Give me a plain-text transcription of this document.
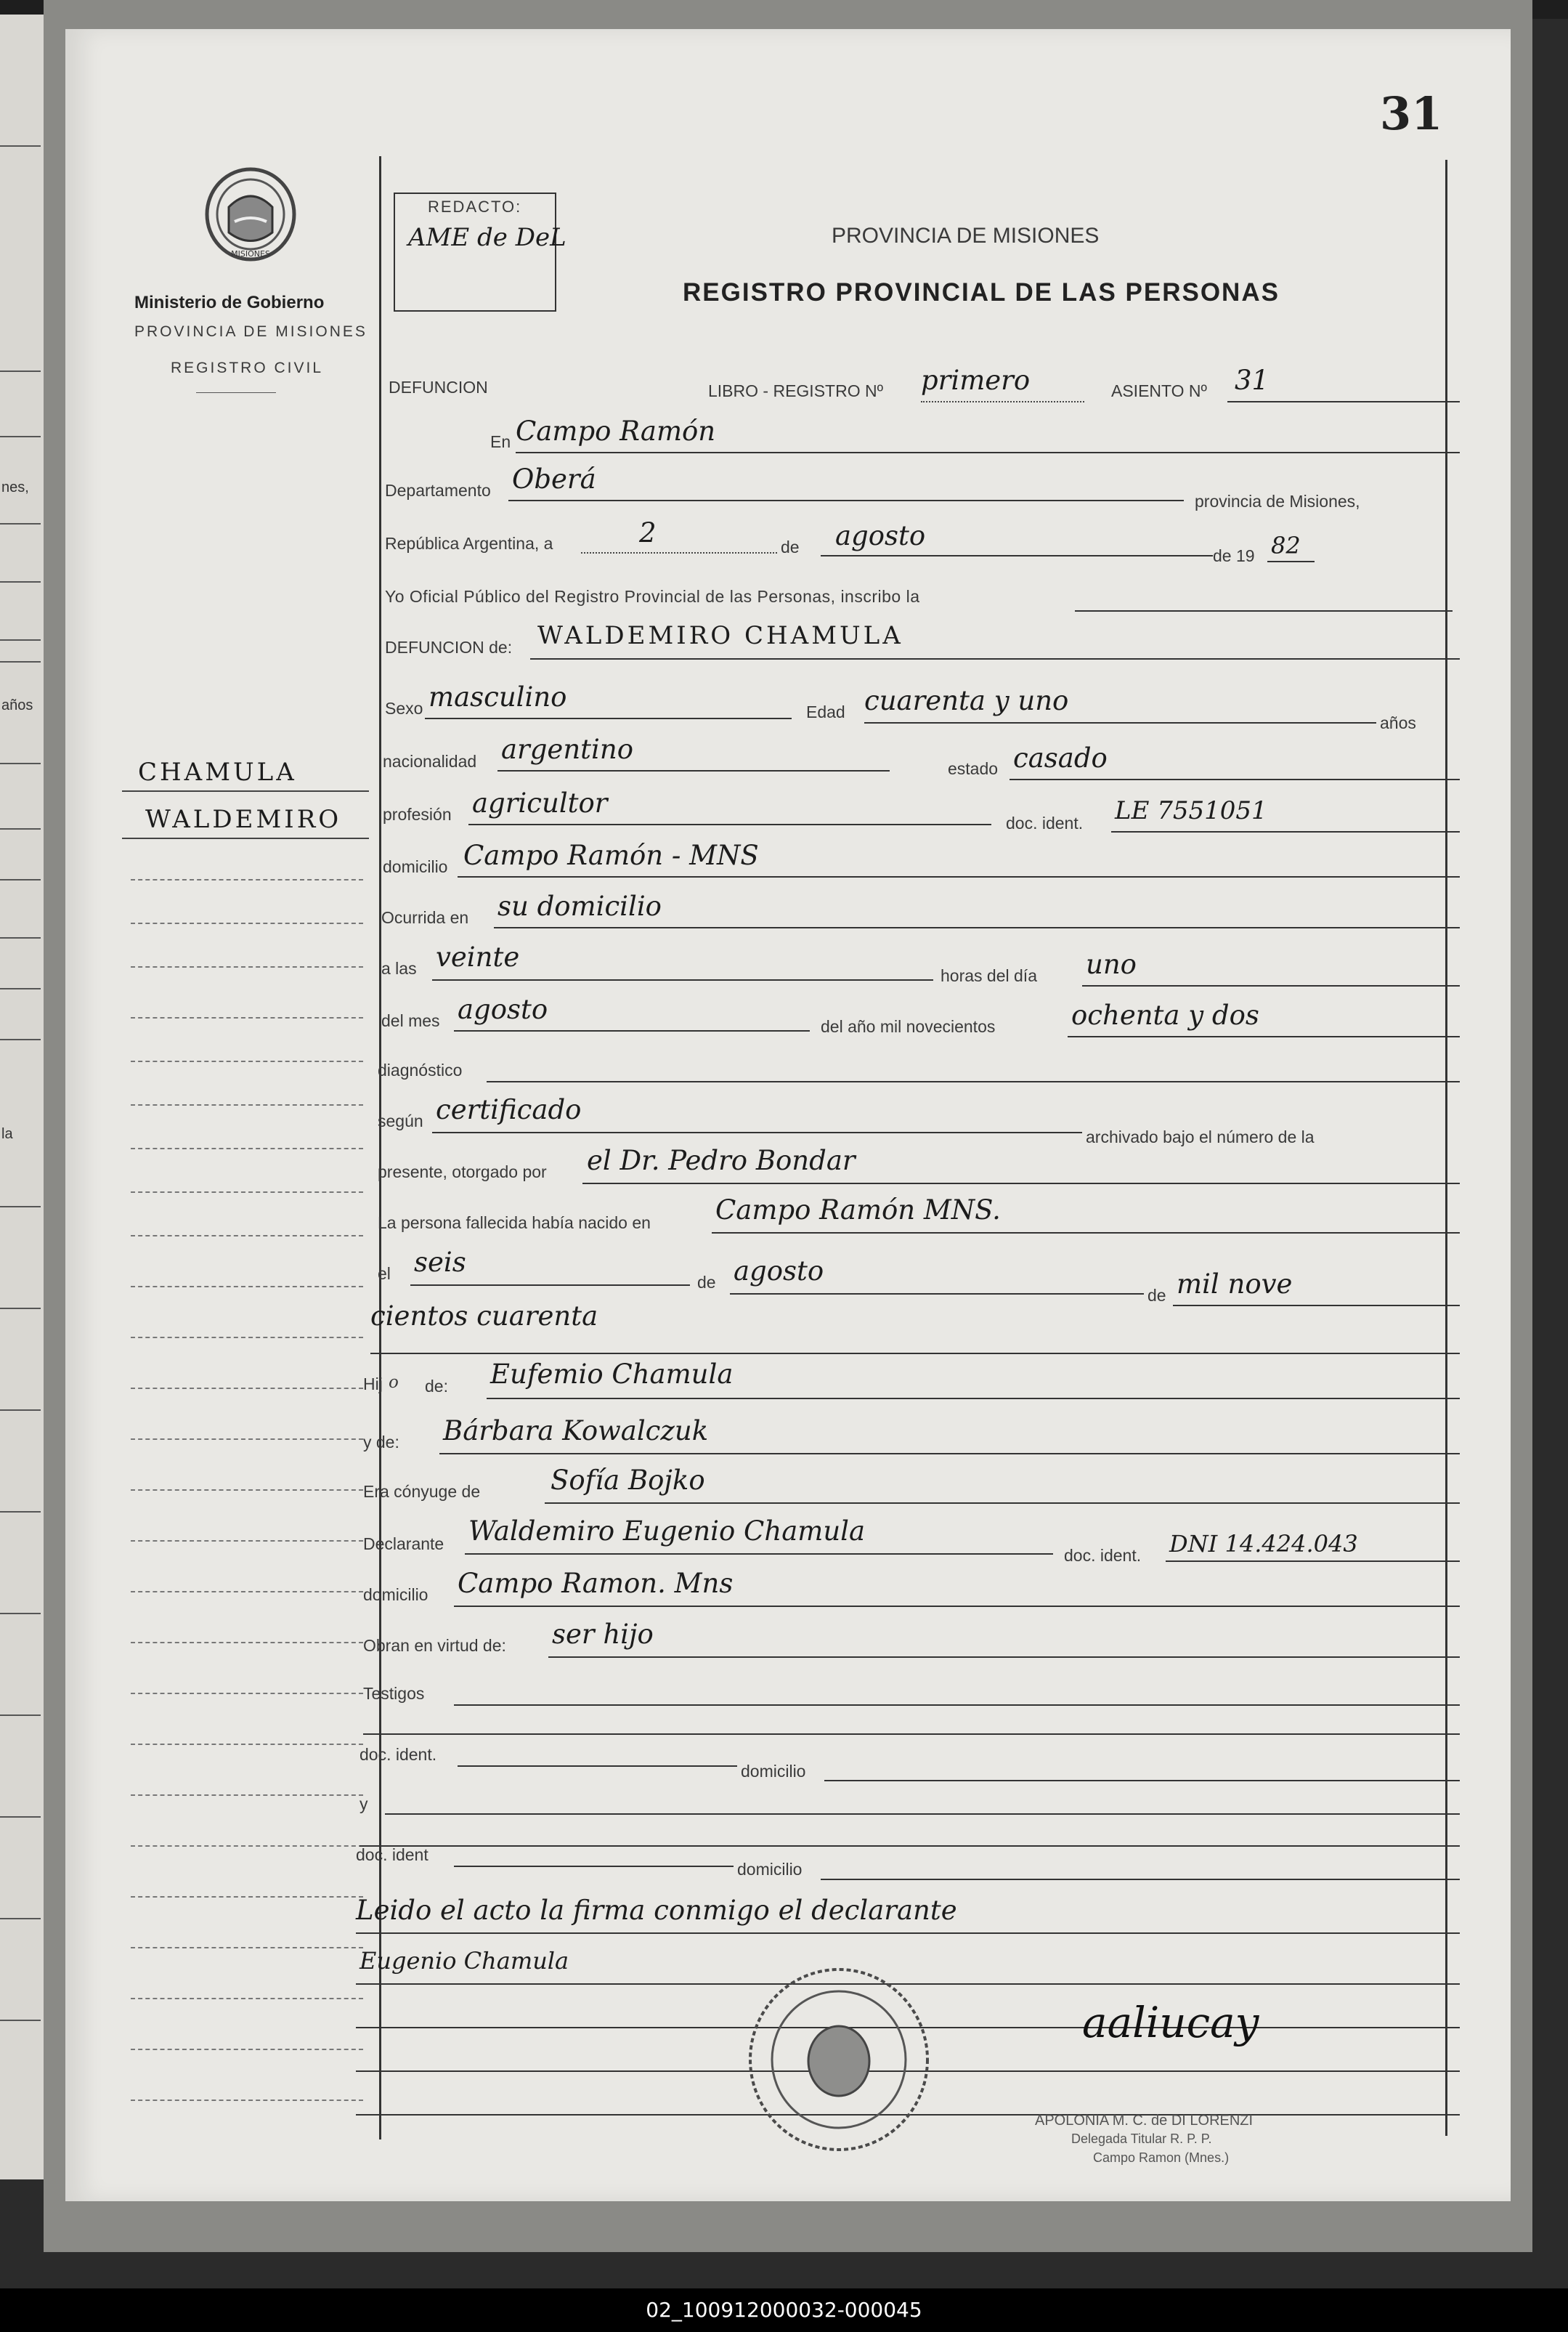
nes,
años
la
31
MISIONES
Ministerio de Gobierno
PROVINCIA DE MISIONES
REGISTRO CIVIL
REDACTO:
AME de DeL	PROVINCIA DE MISIONES
REGISTRO PROVINCIAL DE LAS PERSONAS
CHAMULA
WALDEMIRO
DEFUNCION	LIBRO - REGISTRO Nº primero	ASIENTO Nº 31
En Campo Ramón
Departamento Oberá
provincia de Misiones,
República Argentina, a	2	de agosto
de 19 82
Yo Oficial Público del Registro Provincial de las Personas, inscribo la
DEFUNCION de: WALDEMIRO CHAMULA
Sexo masculino	Edad cuarenta y uno
años
nacionalidad argentino
estado casado
profesión agricultor
doc. ident. LE 7551051
domicilio Campo Ramón - MNS
Ocurrida en su domicilio
a las veinte
horas del día uno
del mes agosto
del año mil novecientos	ochenta y dos
diagnóstico
según certificado
archivado bajo el número de la
presente, otorgado por el Dr. Pedro Bondar
La persona fallecida había nacido en Campo Ramón MNS.
el seis
de agosto
de mil nove
cientos cuarenta
Hij o de: Eufemio Chamula
y de: Bárbara Kowalczuk
Era cónyuge de	Sofía Bojko
Declarante Waldemiro Eugenio Chamula
doc. ident. DNI 14.424.043
domicilio Campo Ramon. Mns
Obran en virtud de: ser hijo
Testigos
doc. ident.
domicilio
y
doc. ident
domicilio
Leido el acto la firma conmigo el declarante
Eugenio Chamula
aaliucay
APOLONIA M. C. de DI LORENZI
Delegada Titular R. P. P.
Campo Ramon (Mnes.)
02_100912000032-000045
